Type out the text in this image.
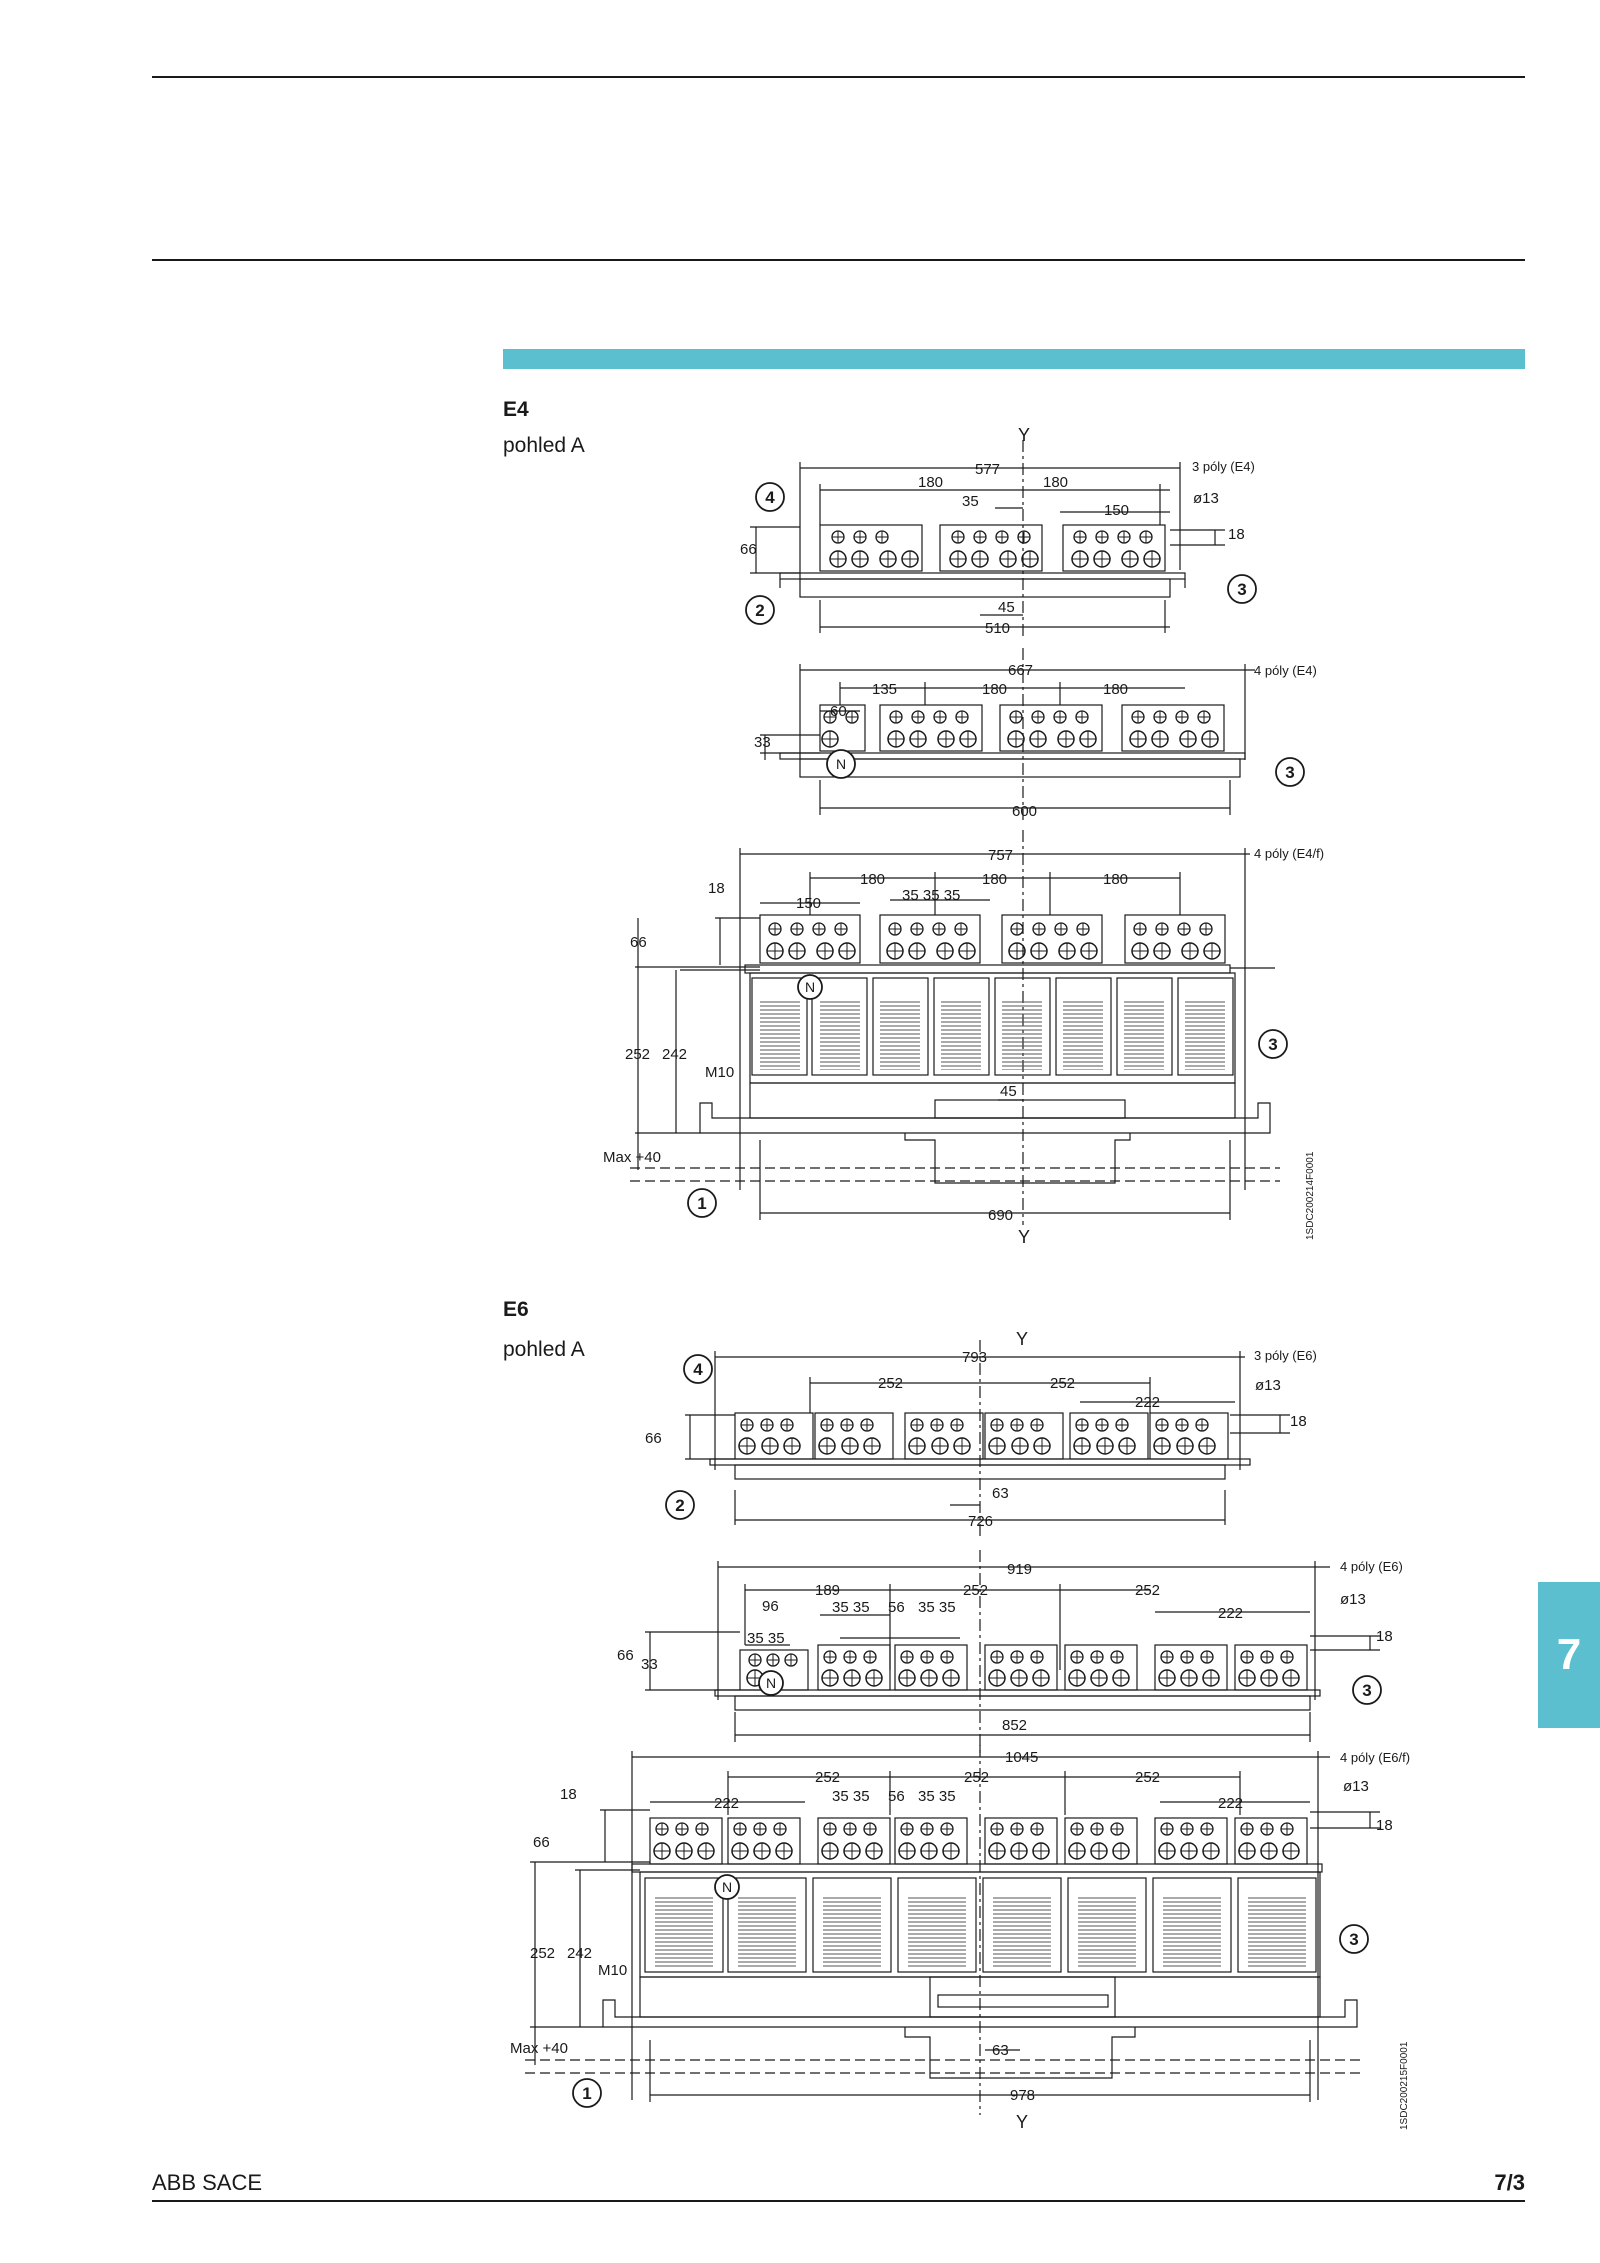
E4
pohled A
E6
pohled A
7
ABB SACE	7/3
Y
Y
3 póly (E4)
577
180	180
35
150
ø13
18
66
45
510
4 póly (E4)
667
135	180	180
60
33
600
4 póly (E4/f)
757
180	180	180
150	35 35 35
18
66
252 242
M10
45
Max +40
690	1SDC200214F0001
4
2
3
3
3
1
N
N
Y
Y
3 póly (E6)
793
252	252
222
ø13
18
66
63
726
4 póly (E6)
919
189	252	252
96	35 35 56 35 35	222
ø13
18
35 35
66
33
852
4 póly (E6/f)
1045
252	252	252
222	222
35 35 56 35 35
ø13
18
18
66
252 242
M10
Max +40	63
978	1SDC200215F0001
4
2
3
3
1
N
N
